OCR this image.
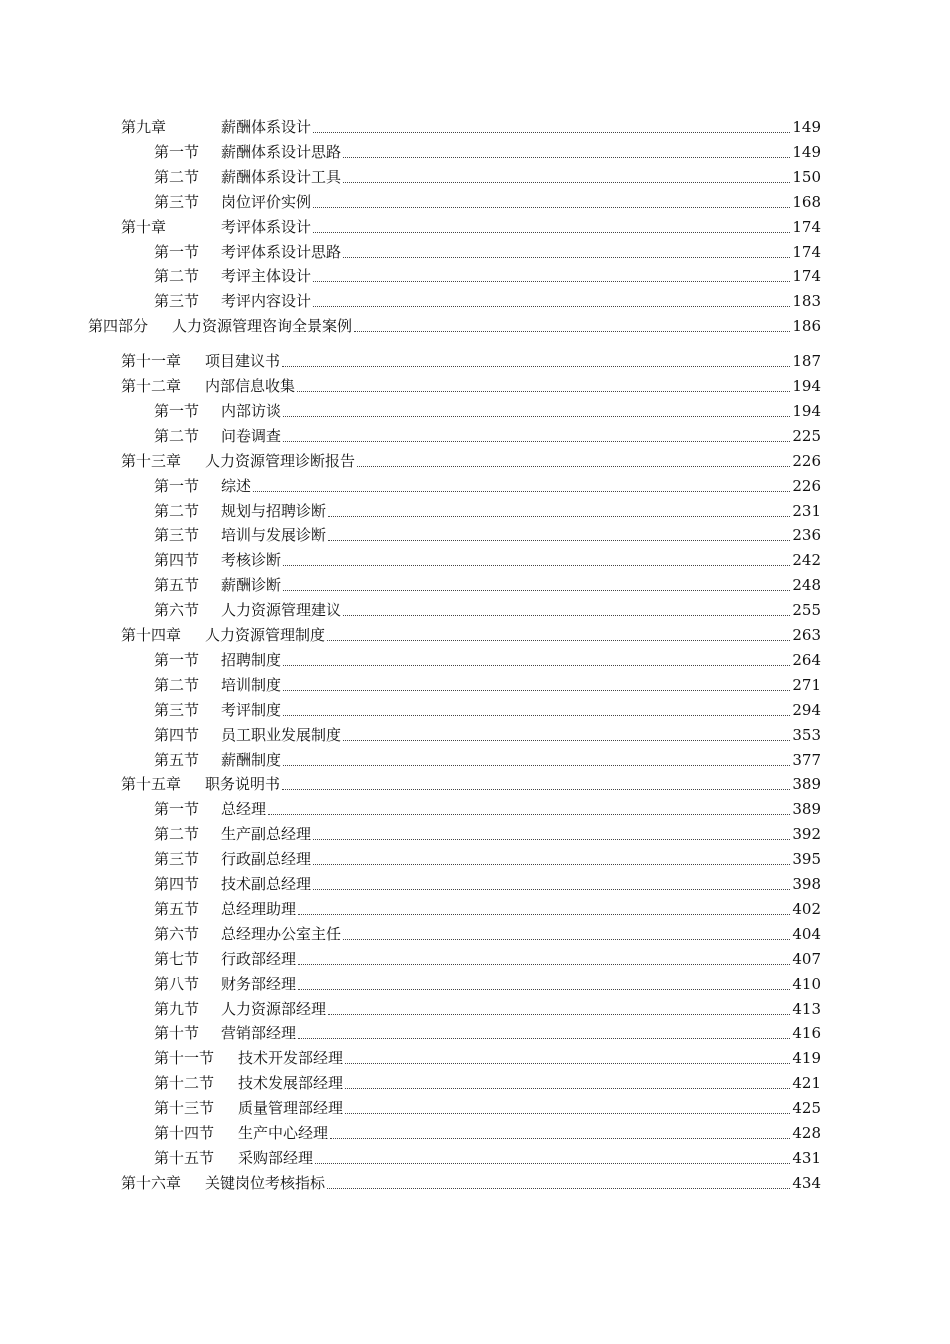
第九章	薪酬体系设计	149
第一节 薪酬体系设计思路	149
第二节 薪酬体系设计工具	150
第三节 岗位评价实例	168
第十章	考评体系设计	174
第一节 考评体系设计思路	174
第二节 考评主体设计	174
第三节 考评内容设计	183
第四部分 人力资源管理咨询全景案例	186
第十一章 项目建议书	187
第十二章 内部信息收集	194
第一节 内部访谈	194
第二节 问卷调查	225
第十三章 人力资源管理诊断报告	226
第一节 综述	226
第二节 规划与招聘诊断	231
第三节 培训与发展诊断	236
第四节 考核诊断	242
第五节 薪酬诊断	248
第六节 人力资源管理建议	255
第十四章 人力资源管理制度	263
第一节 招聘制度	264
第二节 培训制度	271
第三节 考评制度	294
第四节 员工职业发展制度	353
第五节 薪酬制度	377
第十五章 职务说明书	389
第一节 总经理	389
第二节 生产副总经理	392
第三节 行政副总经理	395
第四节 技术副总经理	398
第五节 总经理助理	402
第六节 总经理办公室主任	404
第七节 行政部经理	407
第八节 财务部经理	410
第九节 人力资源部经理	413
第十节 营销部经理	416
第十一节 技术开发部经理	419
第十二节 技术发展部经理	421
第十三节 质量管理部经理	425
第十四节 生产中心经理	428
第十五节 采购部经理	431
第十六章 关键岗位考核指标	434
